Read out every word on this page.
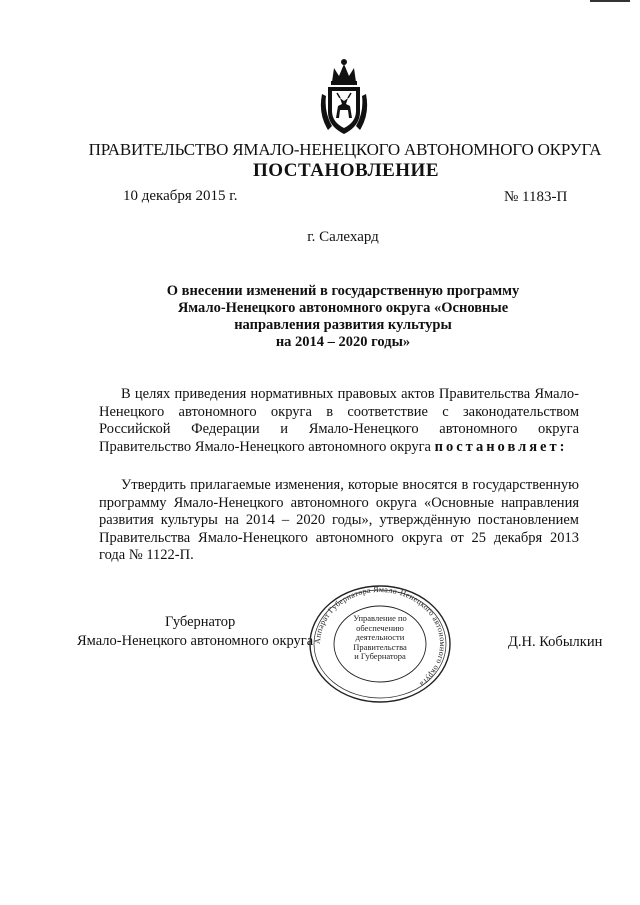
ПРАВИТЕЛЬСТВО ЯМАЛО-НЕНЕЦКОГО АВТОНОМНОГО ОКРУГА
ПОСТАНОВЛЕНИЕ
10 декабря 2015 г.	№ 1183-П
г. Салехард
О внесении изменений в государственную программу
Ямало-Ненецкого автономного округа «Основные
направления развития культуры
на 2014 – 2020 годы»
В целях приведения нормативных правовых актов Правительства Ямало-Ненецкого автономного округа в соответствие с законодательством Российской Федерации и Ямало-Ненецкого автономного округа Правительство Ямало-Ненецкого автономного округа постановляет:
Утвердить прилагаемые изменения, которые вносятся в государственную программу Ямало-Ненецкого автономного округа «Основные направления развития культуры на 2014 – 2020 годы», утверждённую постановлением Правительства Ямало-Ненецкого автономного округа от 25 декабря 2013 года № 1122-П.
Губернатор
Ямало-Ненецкого автономного округа	Д.Н. Кобылкин
Аппарат Губернатора Ямало-Ненецкого автономного округа
Управление по
обеспечению
деятельности
Правительства
и Губернатора
